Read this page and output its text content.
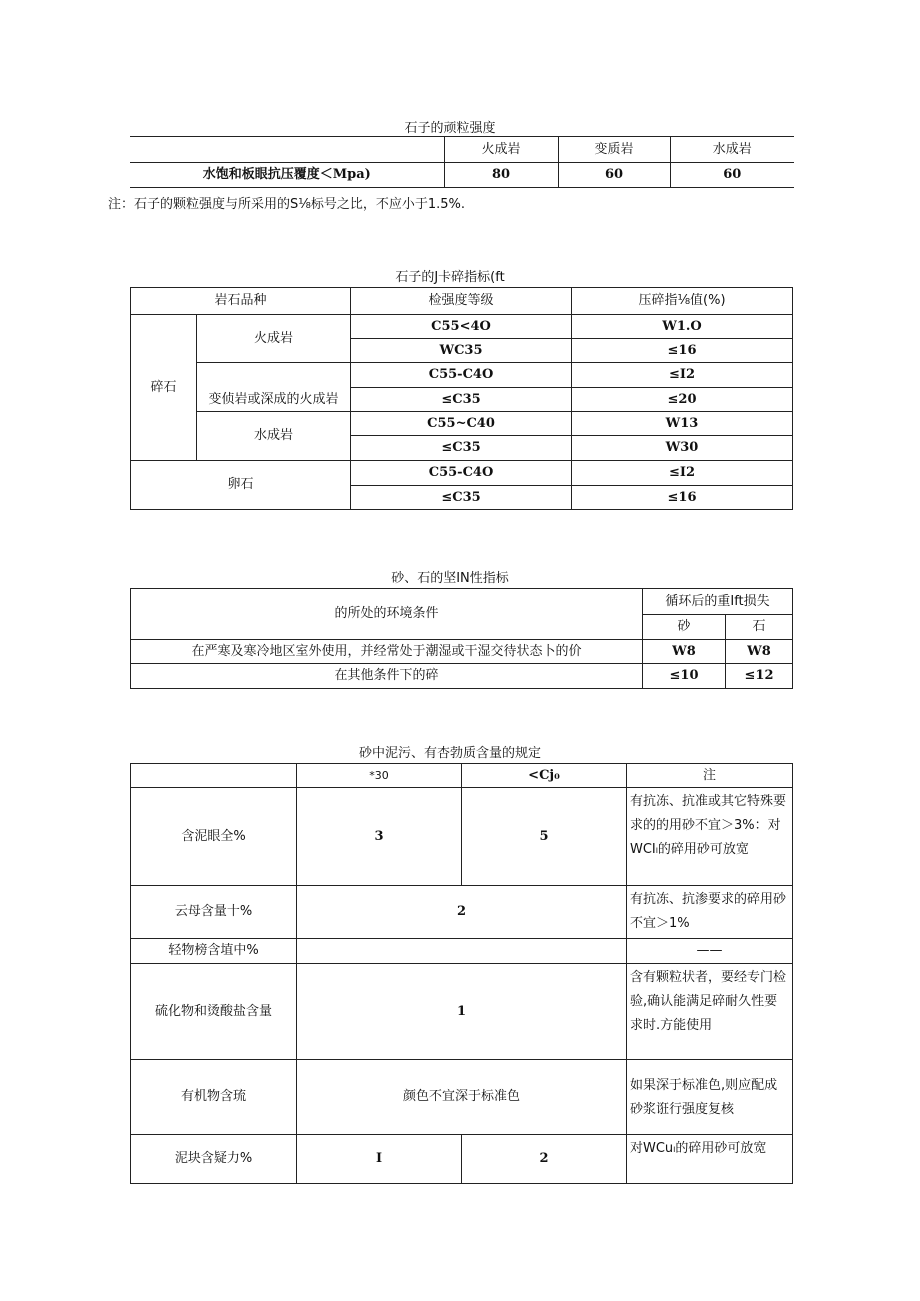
石子的顽粒强度
	火成岩	变质岩	水成岩
水饱和板眼抗压覆度＜Mpa)	80	60	60
注：石子的颗粒强度与所采用的S⅛标号之比，不应小于1.5%.
石子的J卡碎指标(ft
岩石品种		检强度等级	压碎指⅛值(%)
碎石	火成岩	C55<4O	W1.O
		WC35	≤16
	变侦岩或深成的火成岩	C55-C4O	≤I2
		≤C35	≤20
	水成岩	C55~C40	W13
		≤C35	W30
卵石		C55-C4O	≤I2
		≤C35	≤16
砂、石的坚IN性指标
的所处的环境条件	循环后的重Ift损失	
	砂	石
在严寒及寒冷地区室外使用，并经常处于潮湿或干湿交待状态卜的价	W8	W8
在其他条件下的碎	≤10	≤12
砂中泥污、有杏勃质含量的规定
	*30	<Cj₀	注
含泥眼全%	3	5	有抗冻、抗准或其它特殊要求的的用砂不宜＞3%：对WCIₗ的碎用砂可放宽
云母含量十%	2		有抗冻、抗渗要求的碎用砂不宜＞1%
轻物榜含埴中%			——
硫化物和烫酸盐含量	1		含有颗粒状者，要经专门检验,确认能满足碎耐久性要求时.方能使用
有机物含琉	颜色不宜深于标准色		如果深于标准色,则应配成砂浆诳行强度复核
泥块含疑力%	I	2	对WCuₗ的碎用砂可放宽
